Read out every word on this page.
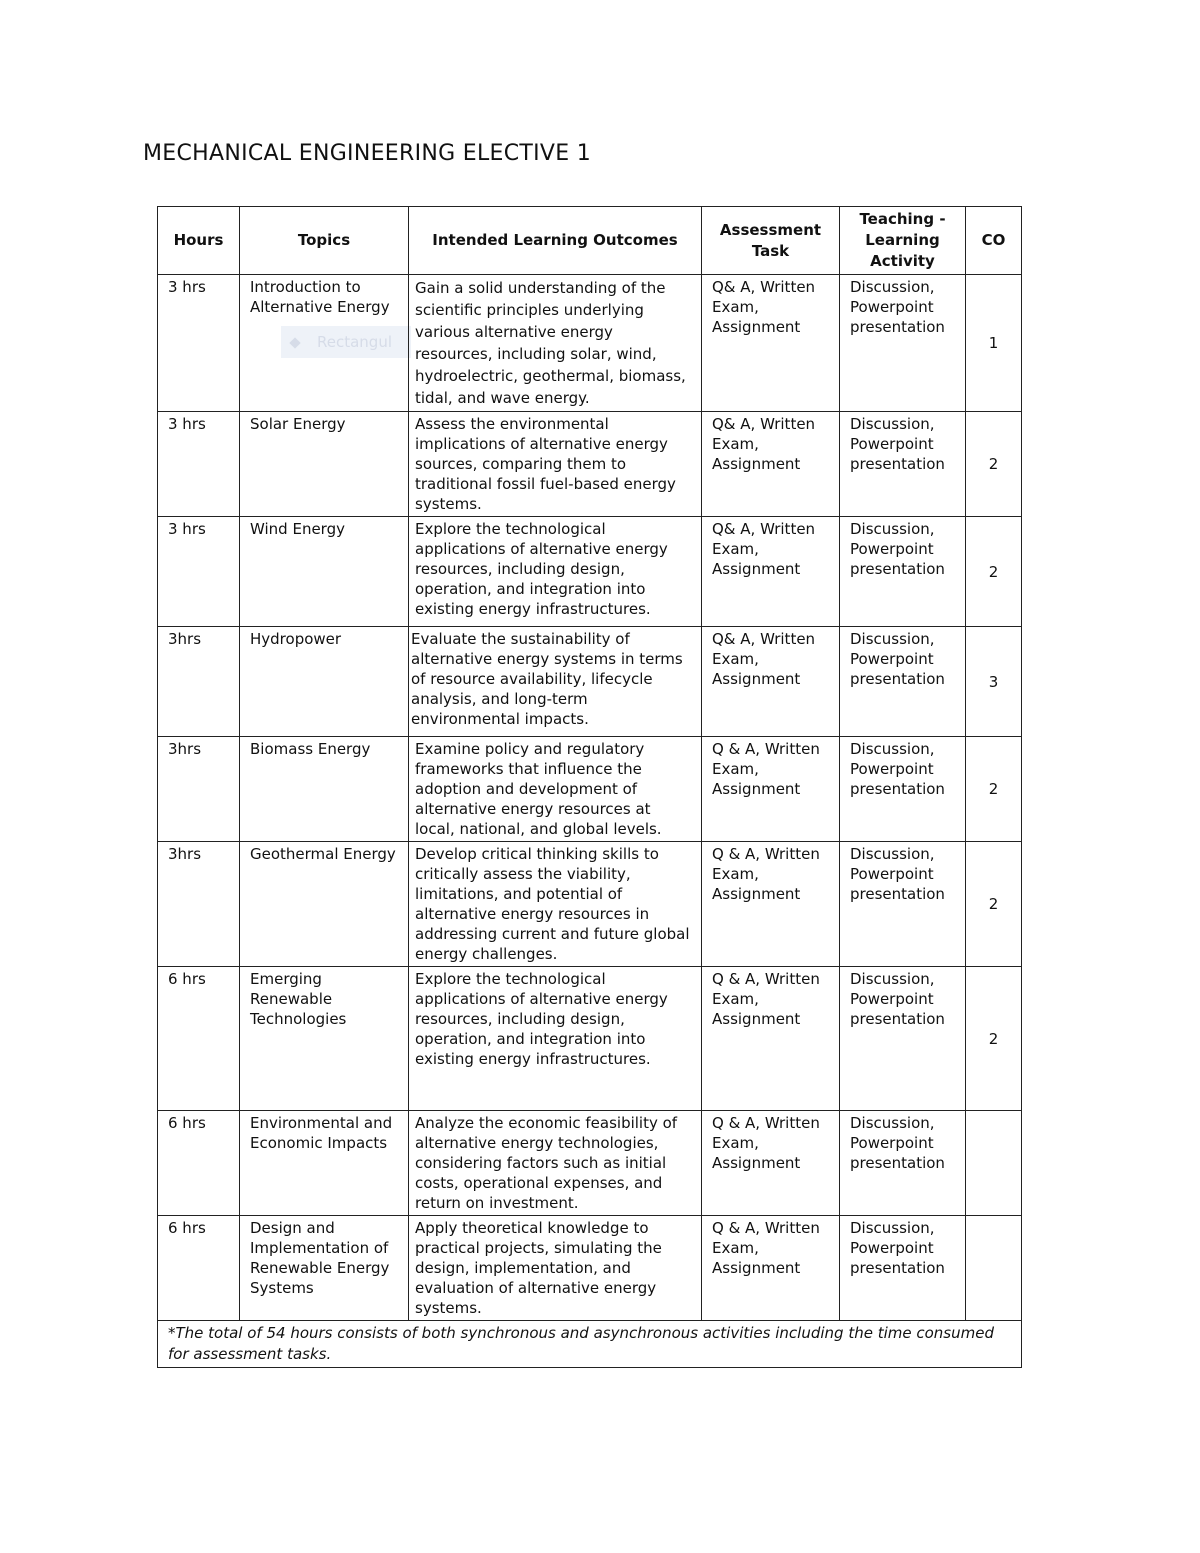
MECHANICAL ENGINEERING ELECTIVE 1
Rectangul
Hours	Topics	Intended Learning Outcomes	Assessment Task	Teaching - Learning Activity	CO
3 hrs	Introduction to Alternative Energy	Gain a solid understanding of the scientific principles underlying various alternative energy resources, including solar, wind, hydroelectric, geothermal, biomass, tidal, and wave energy.	Q& A, Written Exam, Assignment	Discussion, Powerpoint presentation	1
3 hrs	Solar Energy	Assess the environmental implications of alternative energy sources, comparing them to traditional fossil fuel-based energy systems.	Q& A, Written Exam, Assignment	Discussion, Powerpoint presentation	2
3 hrs	Wind Energy	Explore the technological applications of alternative energy resources, including design, operation, and integration into existing energy infrastructures.	Q& A, Written Exam, Assignment	Discussion, Powerpoint presentation	2
3hrs	Hydropower	Evaluate the sustainability of alternative energy systems in terms of resource availability, lifecycle analysis, and long-term environmental impacts.	Q& A, Written Exam, Assignment	Discussion, Powerpoint presentation	3
3hrs	Biomass Energy	Examine policy and regulatory frameworks that influence the adoption and development of alternative energy resources at local, national, and global levels.	Q & A, Written Exam, Assignment	Discussion, Powerpoint presentation	2
3hrs	Geothermal Energy	Develop critical thinking skills to critically assess the viability, limitations, and potential of alternative energy resources in addressing current and future global energy challenges.	Q & A, Written Exam, Assignment	Discussion, Powerpoint presentation	2
6 hrs	Emerging Renewable Technologies	Explore the technological applications of alternative energy resources, including design, operation, and integration into existing energy infrastructures.	Q & A, Written Exam, Assignment	Discussion, Powerpoint presentation	2
6 hrs	Environmental and Economic Impacts	Analyze the economic feasibility of alternative energy technologies, considering factors such as initial costs, operational expenses, and return on investment.	Q & A, Written Exam, Assignment	Discussion, Powerpoint presentation	
6 hrs	Design and Implementation of Renewable Energy Systems	Apply theoretical knowledge to practical projects, simulating the design, implementation, and evaluation of alternative energy systems.	Q & A, Written Exam, Assignment	Discussion, Powerpoint presentation	
*The total of 54 hours consists of both synchronous and asynchronous activities including the time consumed for assessment tasks.					
